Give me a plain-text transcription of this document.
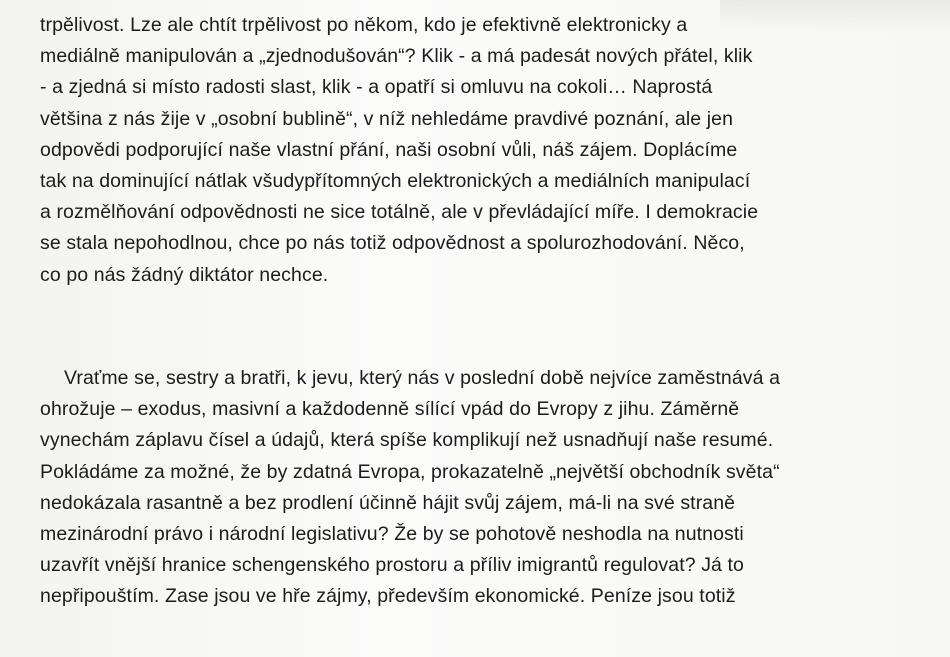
trpělivost. Lze ale chtít trpělivost po někom, kdo je efektivně elektronicky a
mediálně manipulován a „zjednodušován“? Klik - a má padesát nových přátel, klik
- a zjedná si místo radosti slast, klik - a opatří si omluvu na cokoli… Naprostá
většina z nás žije v „osobní bublině“, v níž nehledáme pravdivé poznání, ale jen
odpovědi podporující naše vlastní přání, naši osobní vůli, náš zájem. Doplácíme
tak na dominující nátlak všudypřítomných elektronických a mediálních manipulací
a rozmělňování odpovědnosti ne sice totálně, ale v převládající míře. I demokracie
se stala nepohodlnou, chce po nás totiž odpovědnost a spolurozhodování. Něco,
co po nás žádný diktátor nechce.
Vraťme se, sestry a bratři, k jevu, který nás v poslední době nejvíce zaměstnává a
ohrožuje – exodus, masivní a každodenně sílící vpád do Evropy z jihu. Záměrně
vynechám záplavu čísel a údajů, která spíše komplikují než usnadňují naše resumé.
Pokládáme za možné, že by zdatná Evropa, prokazatelně „největší obchodník světa“
nedokázala rasantně a bez prodlení účinně hájit svůj zájem, má-li na své straně
mezinárodní právo i národní legislativu? Že by se pohotově neshodla na nutnosti
uzavřít vnější hranice schengenského prostoru a příliv imigrantů regulovat? Já to
nepřipouštím. Zase jsou ve hře zájmy, především ekonomické. Peníze jsou totiž
